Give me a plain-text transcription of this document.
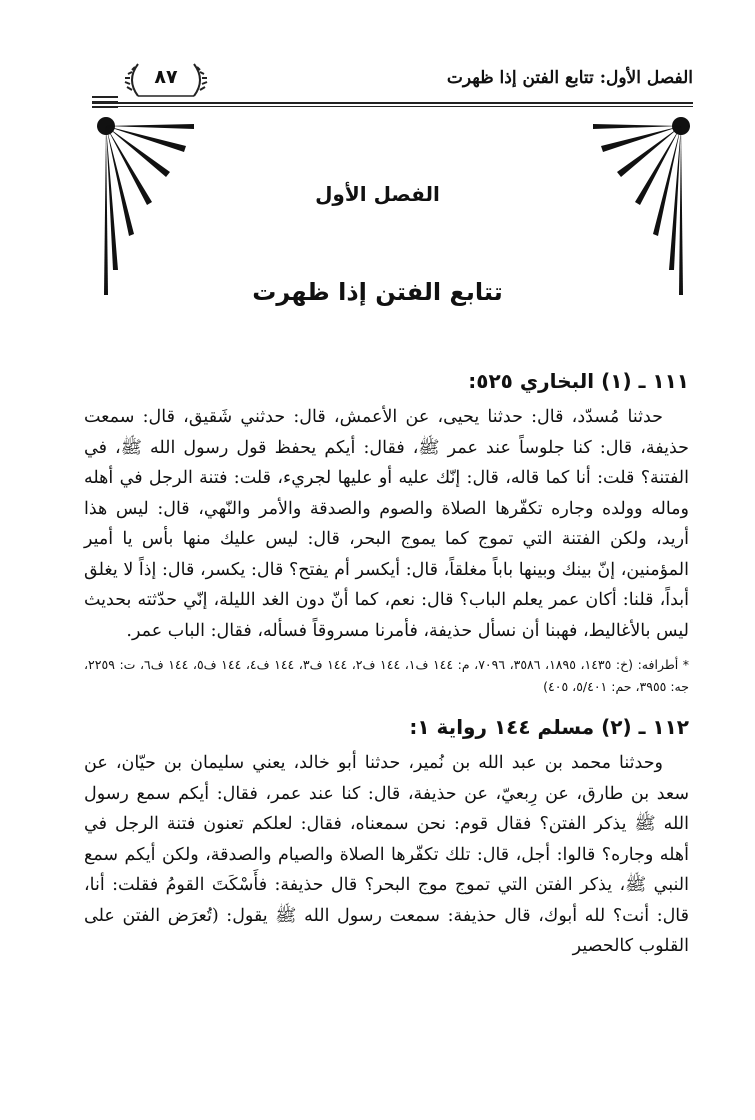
٨٧	الفصل الأول: تتابع الفتن إذا ظهرت
الفصل الأول
تتابع الفتن إذا ظهرت
١١١ ـ (١) البخاري ٥٢٥:

حدثنا مُسدّد، قال: حدثنا يحيى، عن الأعمش، قال: حدثني شَقيق، قال: سمعت حذيفة، قال: كنا جلوساً عند عمر ﷺ، فقال: أيكم يحفظ قول رسول الله ﷺ، في الفتنة؟ قلت: أنا كما قاله، قال: إنّك عليه أو عليها لجريء، قلت: فتنة الرجل في أهله وماله وولده وجاره تكفّرها الصلاة والصوم والصدقة والأمر والنّهي، قال: ليس هذا أريد، ولكن الفتنة التي تموج كما يموج البحر، قال: ليس عليك منها بأس يا أمير المؤمنين، إنّ بينك وبينها باباً مغلقاً، قال: أيكسر أم يفتح؟ قال: يكسر، قال: إذاً لا يغلق أبداً، قلنا: أكان عمر يعلم الباب؟ قال: نعم، كما أنّ دون الغد الليلة، إنّي حدّثته بحديث ليس بالأغاليط، فهبنا أن نسأل حذيفة، فأمرنا مسروقاً فسأله، فقال: الباب عمر.

* أطرافه: (خ: ١٤٣٥، ١٨٩٥، ٣٥٨٦، ٧٠٩٦، م: ١٤٤ ف١، ١٤٤ ف٢، ١٤٤ ف٣، ١٤٤ ف٤، ١٤٤ ف٥، ١٤٤ ف٦، ت: ٢٢٥٩، جه: ٣٩٥٥، حم: ٥/٤٠١، ٤٠٥)
١١٢ ـ (٢) مسلم ١٤٤ رواية ١:

وحدثنا محمد بن عبد الله بن نُمير، حدثنا أبو خالد، يعني سليمان بن حيّان، عن سعد بن طارق، عن رِبعيّ، عن حذيفة، قال: كنا عند عمر، فقال: أيكم سمع رسول الله ﷺ يذكر الفتن؟ فقال قوم: نحن سمعناه، فقال: لعلكم تعنون فتنة الرجل في أهله وجاره؟ قالوا: أجل، قال: تلك تكفّرها الصلاة والصيام والصدقة، ولكن أيكم سمع النبي ﷺ، يذكر الفتن التي تموج موج البحر؟ قال حذيفة: فأَسْكَتَ القومُ فقلت: أنا، قال: أنت؟ لله أبوك، قال حذيفة: سمعت رسول الله ﷺ يقول: (تُعرَض الفتن على القلوب كالحصير
